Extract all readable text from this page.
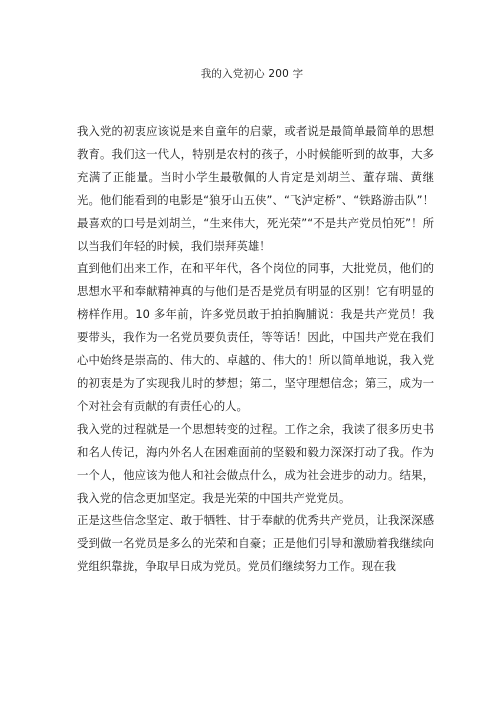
我的入党初心 200 字

我入党的初衷应该说是来自童年的启蒙，或者说是最简单最简单的思想教育。我们这一代人，特别是农村的孩子，小时候能听到的故事，大多充满了正能量。当时小学生最敬佩的人肯定是刘胡兰、董存瑞、黄继光。他们能看到的电影是“狼牙山五侠”、“飞泸定桥”、“铁路游击队”！最喜欢的口号是刘胡兰，“生来伟大，死光荣”“不是共产党员怕死”！所以当我们年轻的时候，我们崇拜英雄！

直到他们出来工作，在和平年代，各个岗位的同事，大批党员，他们的思想水平和奉献精神真的与他们是否是党员有明显的区别！它有明显的榜样作用。10 多年前，许多党员敢于拍拍胸脯说：我是共产党员！我要带头，我作为一名党员要负责任，等等话！因此，中国共产党在我们心中始终是崇高的、伟大的、卓越的、伟大的！所以简单地说，我入党的初衷是为了实现我儿时的梦想；第二，坚守理想信念；第三，成为一个对社会有贡献的有责任心的人。

我入党的过程就是一个思想转变的过程。工作之余，我读了很多历史书和名人传记，海内外名人在困难面前的坚毅和毅力深深打动了我。作为一个人，他应该为他人和社会做点什么，成为社会进步的动力。结果，我入党的信念更加坚定。我是光荣的中国共产党党员。

正是这些信念坚定、敢于牺牲、甘于奉献的优秀共产党员，让我深深感受到做一名党员是多么的光荣和自豪；正是他们引导和激励着我继续向党组织靠拢，争取早日成为党员。党员们继续努力工作。现在我
